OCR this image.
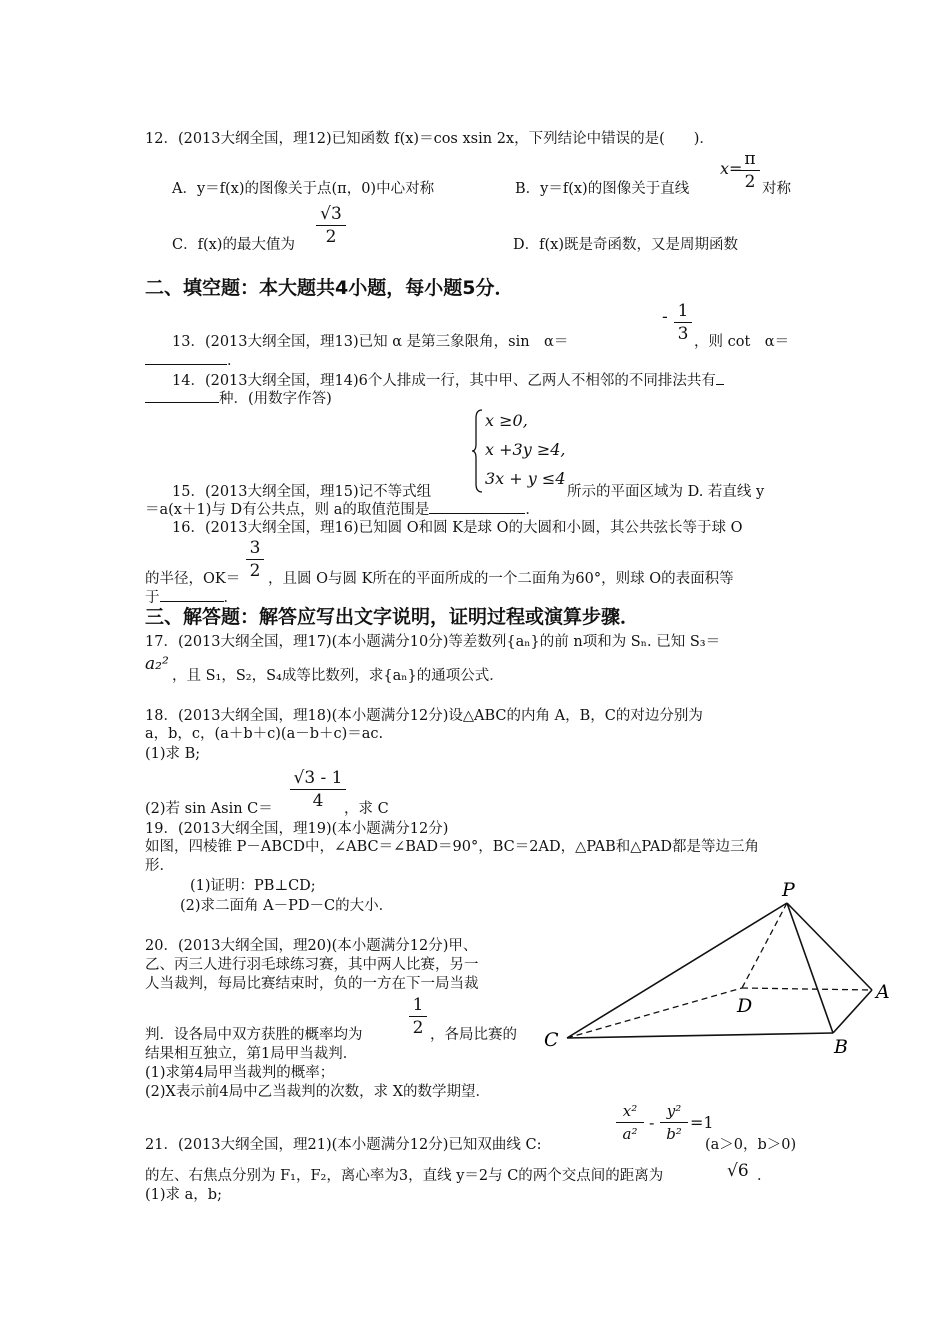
12．(2013大纲全国，理12)已知函数 f(x)＝cos xsin 2x，下列结论中错误的是(　　)．
A．y＝f(x)的图像关于点(π，0)中心对称	B．y＝f(x)的图像关于直线
x=
$\frac{\pi}{2}$ 对称
C．f(x)的最大值为 $\frac{√3}{2}$	D．f(x)既是奇函数，又是周期函数
二、填空题：本大题共4小题，每小题5分．
13．(2013大纲全国，理13)已知 α 是第三象限角，sin　α＝
- $\frac{1}{3}$ ，则 cot　α＝
．
14．(2013大纲全国，理14)6个人排成一行，其中甲、乙两人不相邻的不同排法共有
种．(用数字作答)
x ≥0,
x +3y ≥4,
3x + y ≤4
15．(2013大纲全国，理15)记不等式组	所示的平面区域为 D. 若直线 y
＝a(x＋1)与 D有公共点，则 a的取值范围是	．
16．(2013大纲全国，理16)已知圆 O和圆 K是球 O的大圆和小圆，其公共弦长等于球 O
的半径，$OK= \frac{3}{2}$ ，且圆 O与圆 K所在的平面所成的一个二面角为60°，则球 O的表面积等
于	．
三、解答题：解答应写出文字说明，证明过程或演算步骤．
17．(2013大纲全国，理17)(本小题满分10分)等差数列{aₙ}的前 n项和为 Sₙ. 已知 S₃＝
a₂²
，且 S₁，S₂，S₄成等比数列，求{aₙ}的通项公式．
18．(2013大纲全国，理18)(本小题满分12分)设△ABC的内角 A，B，C的对边分别为
a，b，c，(a＋b＋c)(a－b＋c)＝ac.
(1)求 B;
$\frac{√3 - 1}{4}$
(2)若 sin Asin C＝	，求 C
19．(2013大纲全国，理19)(本小题满分12分)
如图，四棱锥 P－ABCD中，∠ABC＝∠BAD＝90°，BC＝2AD，△PAB和△PAD都是等边三角
形．
(1)证明：PB⊥CD;
(2)求二面角 A－PD－C的大小．
P
A
B
C
D
20．(2013大纲全国，理20)(本小题满分12分)甲、
乙、丙三人进行羽毛球练习赛，其中两人比赛，另一
人当裁判，每局比赛结束时，负的一方在下一局当裁
$\frac{1}{2}$
判．设各局中双方获胜的概率均为	，各局比赛的
结果相互独立，第1局甲当裁判．
(1)求第4局甲当裁判的概率；
(2)X表示前4局中乙当裁判的次数，求 X的数学期望．
$\frac{\text{x²}}{\text{a²}} - \frac{\text{y²}}{\text{b²}} =1$
21．(2013大纲全国，理21)(本小题满分12分)已知双曲线 C:	(a＞0，b＞0)
的左、右焦点分别为 F₁，F₂，离心率为3，直线 y＝2与 C的两个交点间的距离为	√6 ．
(1)求 a，b;
